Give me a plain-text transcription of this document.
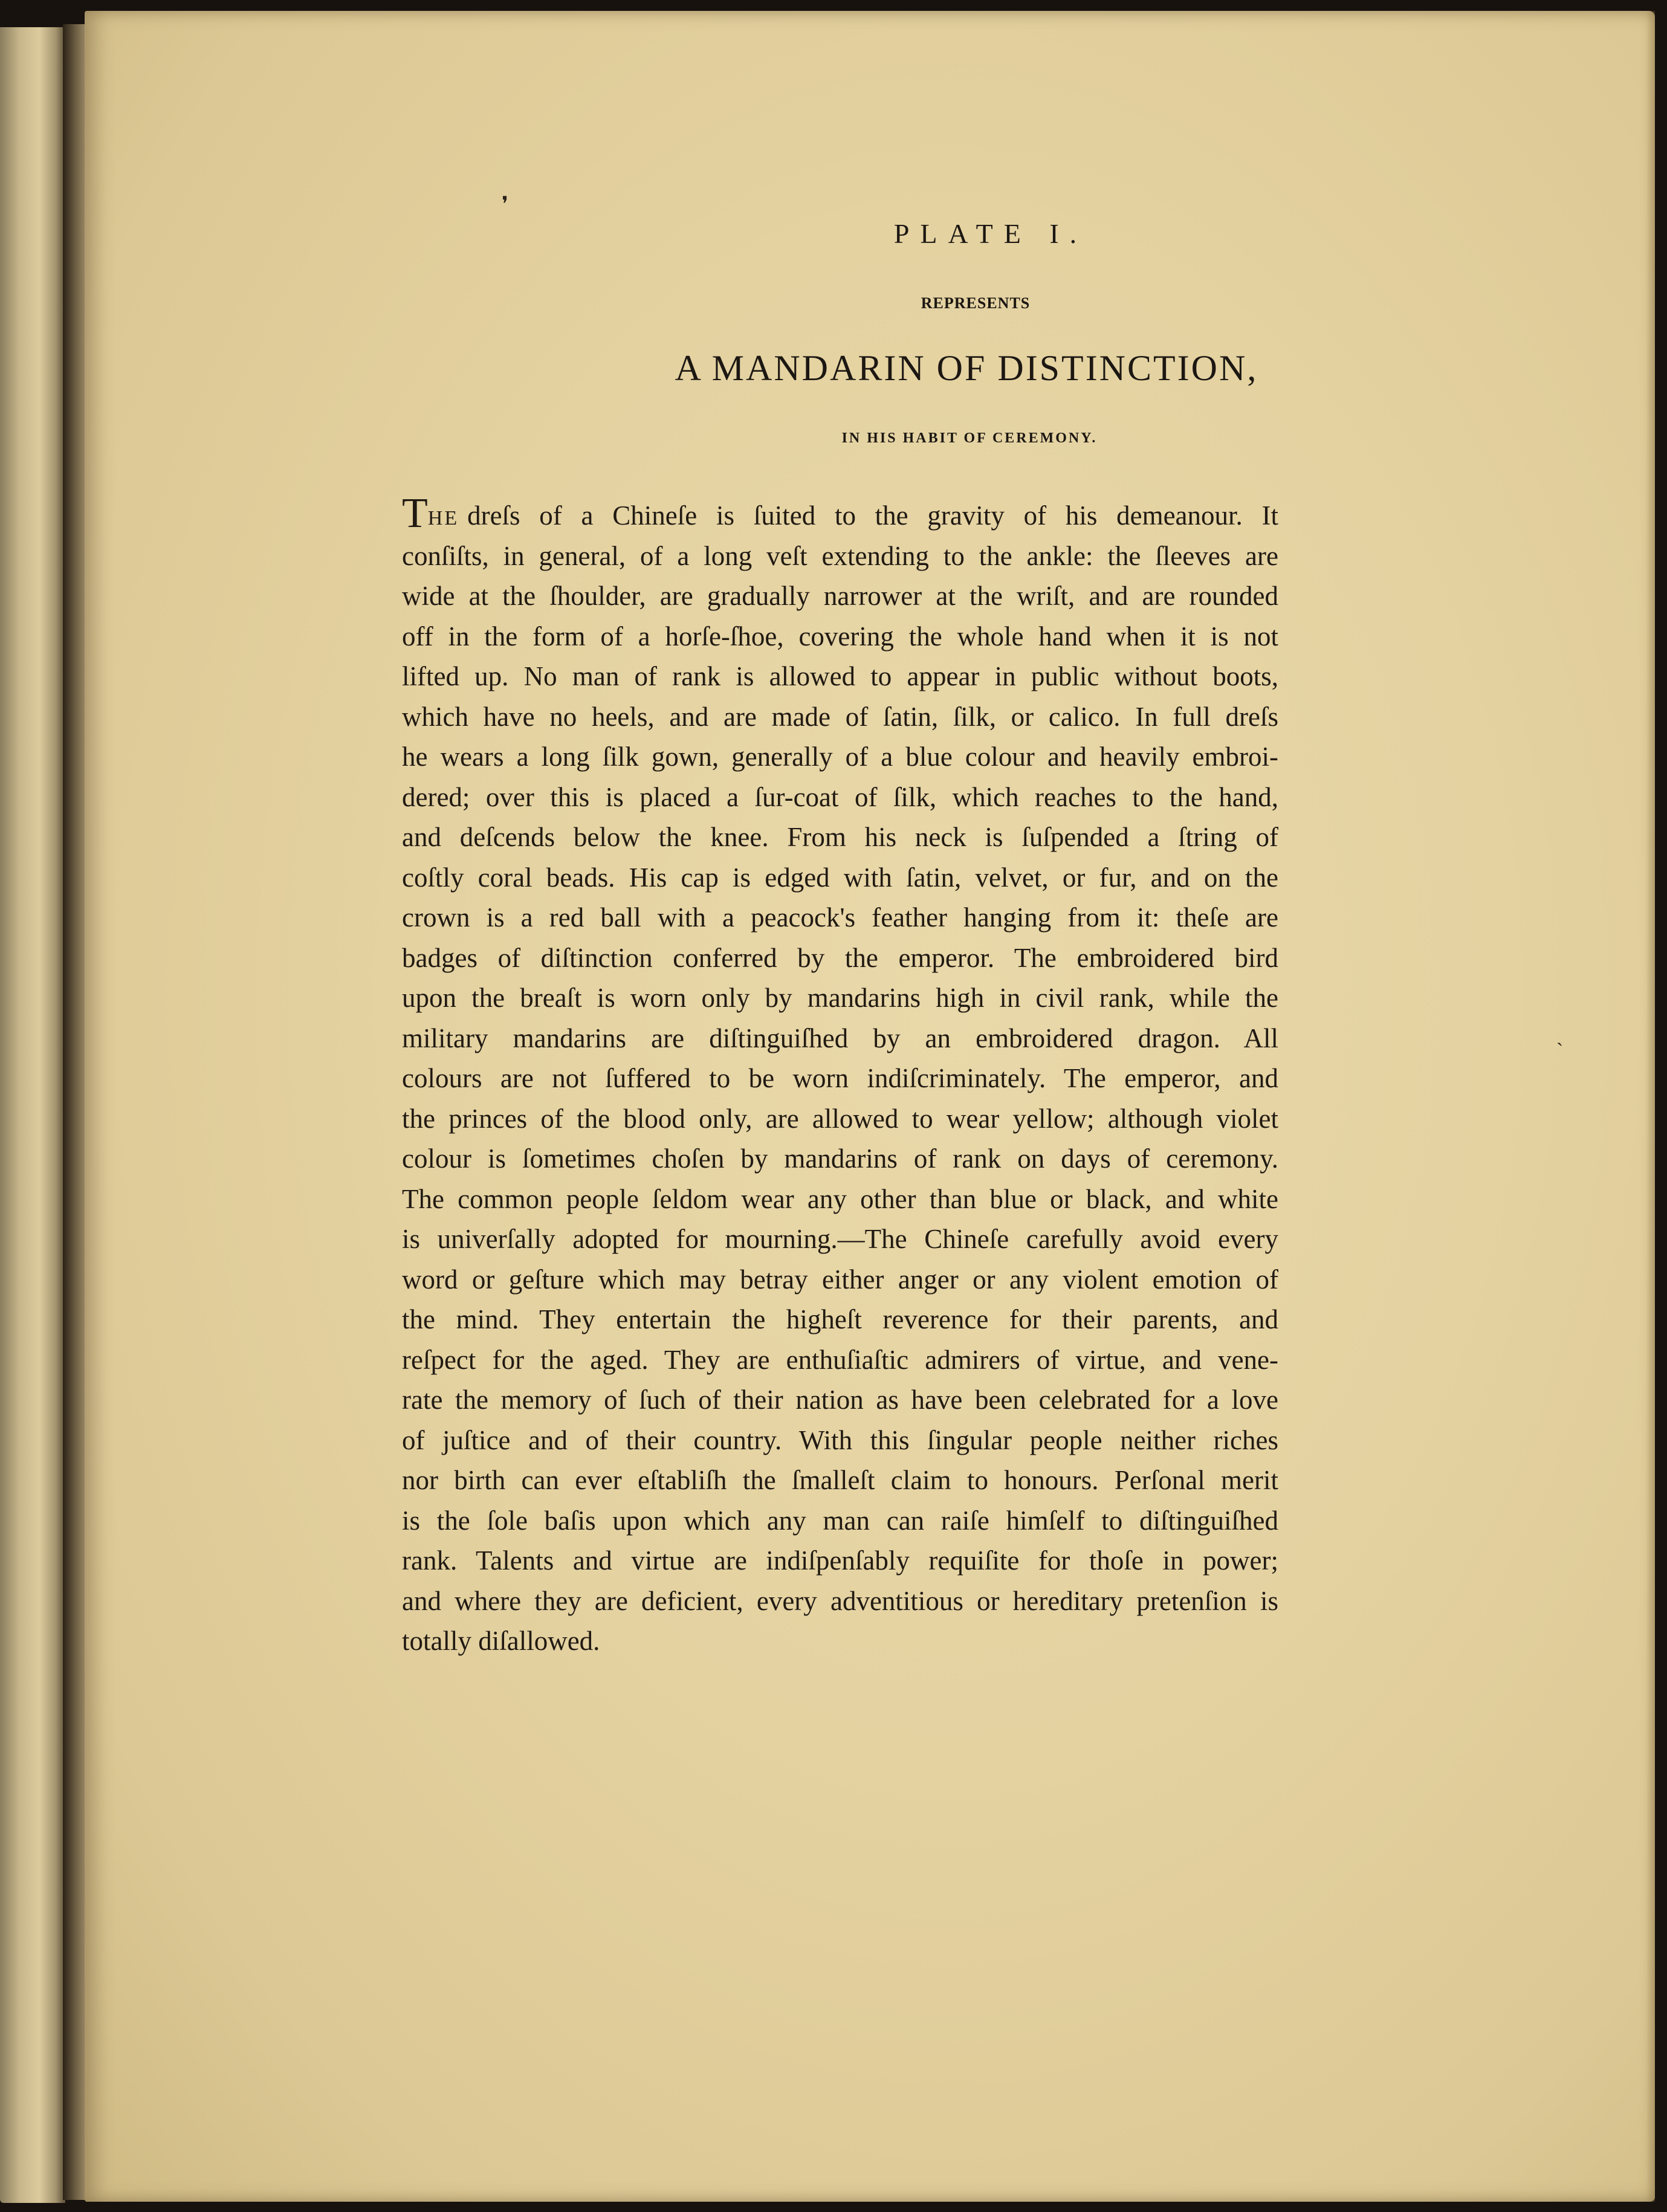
❜
˴
PLATE I.
REPRESENTS
A MANDARIN OF DISTINCTION,
IN HIS HABIT OF CEREMONY.
THE dreſs of a Chineſe is ſuited to the gravity of his demeanour. It
conſiſts, in general, of a long veſt extending to the ankle: the ſleeves are
wide at the ſhoulder, are gradually narrower at the wriſt, and are rounded
off in the form of a horſe-ſhoe, covering the whole hand when it is not
lifted up. No man of rank is allowed to appear in public without boots,
which have no heels, and are made of ſatin, ſilk, or calico. In full dreſs
he wears a long ſilk gown, generally of a blue colour and heavily embroi-
dered; over this is placed a ſur-coat of ſilk, which reaches to the hand,
and deſcends below the knee. From his neck is ſuſpended a ſtring of
coſtly coral beads. His cap is edged with ſatin, velvet, or fur, and on the
crown is a red ball with a peacock's feather hanging from it: theſe are
badges of diſtinction conferred by the emperor. The embroidered bird
upon the breaſt is worn only by mandarins high in civil rank, while the
military mandarins are diſtinguiſhed by an embroidered dragon. All
colours are not ſuffered to be worn indiſcriminately. The emperor, and
the princes of the blood only, are allowed to wear yellow; although violet
colour is ſometimes choſen by mandarins of rank on days of ceremony.
The common people ſeldom wear any other than blue or black, and white
is univerſally adopted for mourning.—The Chineſe carefully avoid every
word or geſture which may betray either anger or any violent emotion of
the mind. They entertain the higheſt reverence for their parents, and
reſpect for the aged. They are enthuſiaſtic admirers of virtue, and vene-
rate the memory of ſuch of their nation as have been celebrated for a love
of juſtice and of their country. With this ſingular people neither riches
nor birth can ever eſtabliſh the ſmalleſt claim to honours. Perſonal merit
is the ſole baſis upon which any man can raiſe himſelf to diſtinguiſhed
rank. Talents and virtue are indiſpenſably requiſite for thoſe in power;
and where they are deficient, every adventitious or hereditary pretenſion is
totally diſallowed.
